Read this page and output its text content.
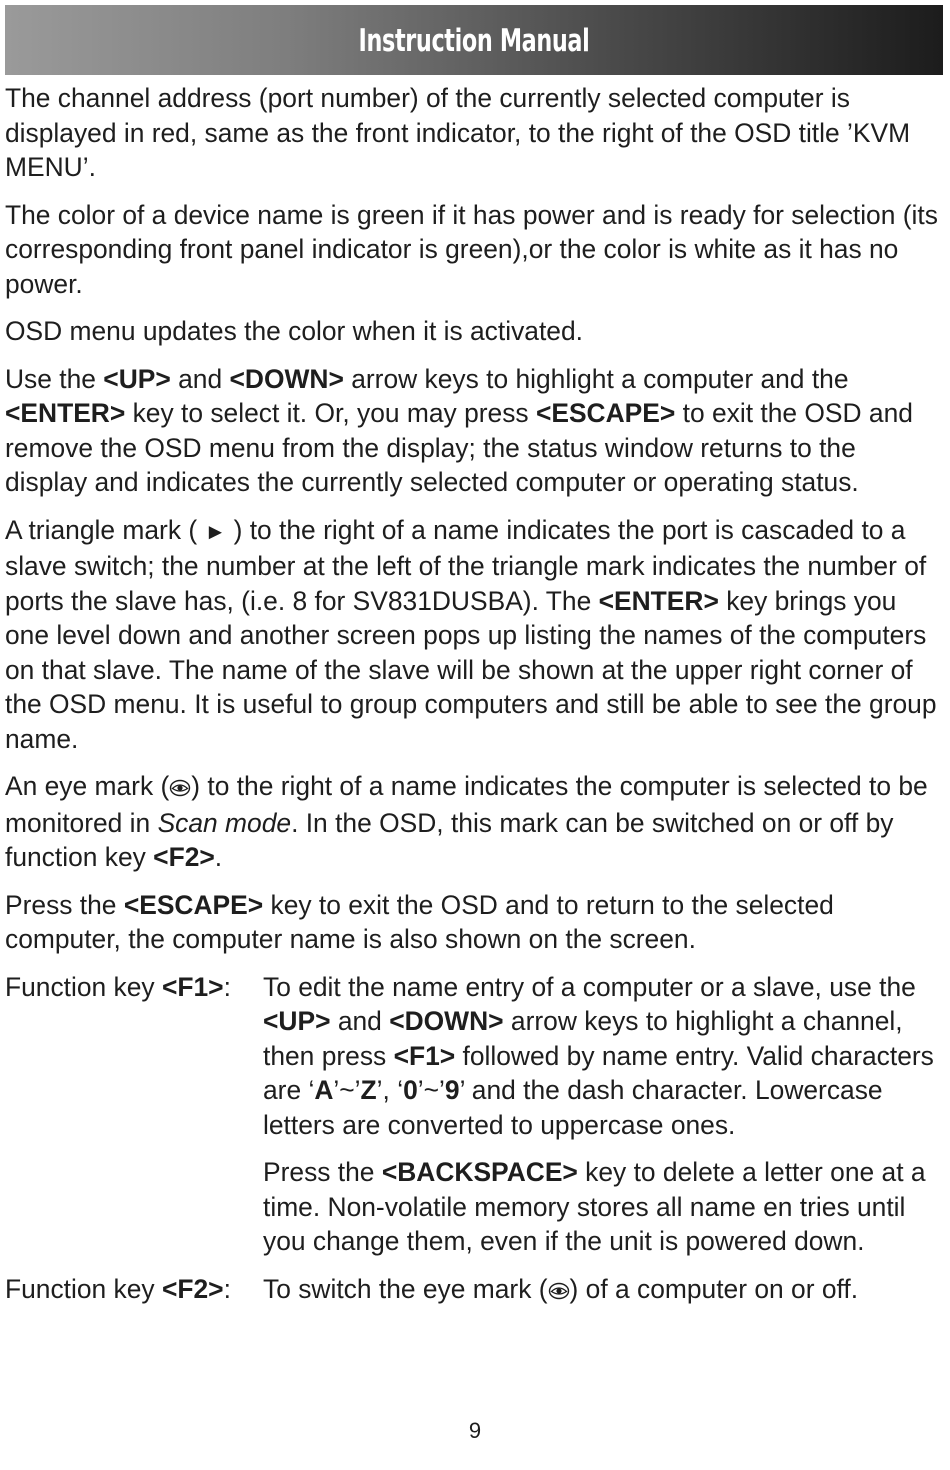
Instruction Manual

The channel address (port number) of the currently selected computer is displayed in red, same as the front indicator, to the right of the OSD title ’KVM MENU’.

The color of a device name is green if it has power and is ready for selection (its corresponding front panel indicator is green),or the color is white as it has no power.

OSD menu updates the color when it is activated.

Use the <UP> and <DOWN> arrow keys to highlight a computer and the <ENTER> key to select it. Or, you may press <ESCAPE> to exit the OSD and remove the OSD menu from the display; the status window returns to the display and indicates the currently selected computer or operating status.

A triangle mark ( ► ) to the right of a name indicates the port is cascaded to a slave switch; the number at the left of the triangle mark indicates the number of ports the slave has, (i.e. 8 for SV831DUSBA). The <ENTER> key brings you one level down and another screen pops up listing the names of the computers on that slave. The name of the slave will be shown at the upper right corner of the OSD menu. It is useful to group computers and still be able to see the group name.

An eye mark ( ) to the right of a name indicates the computer is selected to be monitored in Scan mode. In the OSD, this mark can be switched on or off by function key <F2>.

Press the <ESCAPE> key to exit the OSD and to return to the selected computer, the computer name is also shown on the screen.

Function key <F1>:	To edit the name entry of a computer or a slave, use the <UP> and <DOWN> arrow keys to highlight a channel, then press <F1> followed by name entry. Valid characters are ‘A’~’Z’, ‘0’~’9’ and the dash character. Lowercase letters are converted to uppercase ones.

Press the <BACKSPACE> key to delete a letter one at a time. Non-volatile memory stores all name en tries until you change them, even if the unit is powered down.

Function key <F2>:	To switch the eye mark ( ) of a computer on or off.

9
